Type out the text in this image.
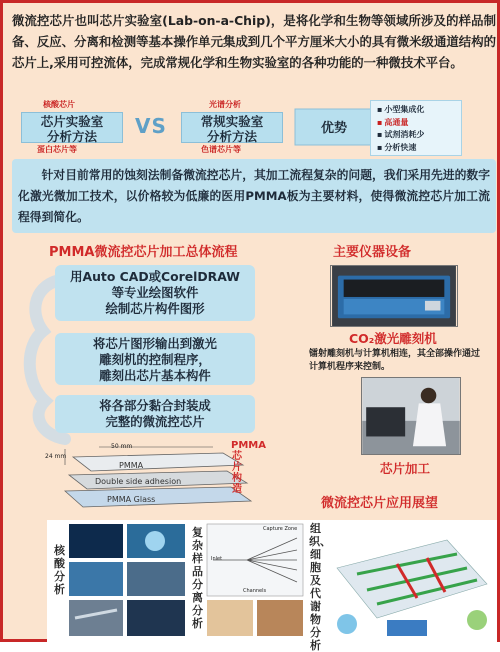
微流控芯片也叫芯片实验室(Lab-on-a-Chip)，是将化学和生物等领域所涉及的样品制备、反应、分离和检测等基本操作单元集成到几个平方厘米大小的具有微米级通道结构的芯片上,采用可控流体，完成常规化学和生物实验室的各种功能的一种微技术平台。
核酸芯片
芯片实验室
分析方法
蛋白芯片等
VS
光谱分析
常规实验室
分析方法
色谱芯片等
优势
▪ 小型集成化
▪ 高通量
▪ 试剂消耗少
▪ 分析快速
针对目前常用的蚀刻法制备微流控芯片，其加工流程复杂的问题，我们采用先进的数字化激光微加工技术，以价格较为低廉的医用PMMA板为主要材料，使得微流控芯片加工流程得到简化。
PMMA微流控芯片加工总体流程
用Auto CAD或CorelDRAW
等专业绘图软件
绘制芯片构件图形
将芯片图形输出到激光
雕刻机的控制程序，
雕刻出芯片基本构件
将各部分黏合封装成
完整的微流控芯片
50 mm
24 mm
PMMA
Double side adhesion
PMMA Glass
PMMA芯片构造
主要仪器设备
CO₂激光雕刻机
镭射雕刻机与计算机相连，其全部操作通过计算机程序来控制。
芯片加工
微流控芯片应用展望
核酸分析
复杂样品分离分析
Capture Zone
Inlet
Channels
组织、细胞及代谢物分析
